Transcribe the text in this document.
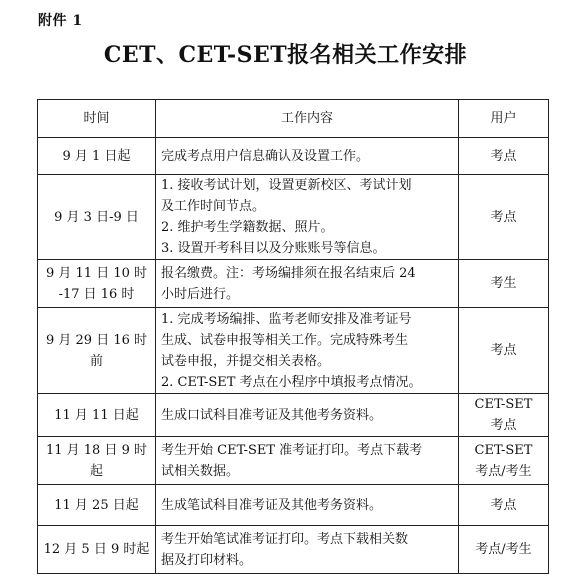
附件 1
CET、CET-SET报名相关工作安排
时间	工作内容	用户

9 月 1 日起	完成考点用户信息确认及设置工作。	考点

9 月 3 日-9 日	1. 接收考试计划，设置更新校区、考试计划
及工作时间节点。
2. 维护考生学籍数据、照片。
3. 设置开考科目以及分账账号等信息。	考点

9 月 11 日 10 时
-17 日 16 时	报名缴费。注：考场编排须在报名结束后 24
小时后进行。	考生

9 月 29 日 16 时前	1. 完成考场编排、监考老师安排及准考证号
生成、试卷申报等相关工作。完成特殊考生
试卷申报，并提交相关表格。
2. CET-SET 考点在小程序中填报考点情况。	考点

11 月 11 日起	生成口试科目准考证及其他考务资料。	CET-SET
考点

11 月 18 日 9 时起	考生开始 CET-SET 准考证打印。考点下载考
试相关数据。	CET-SET
考点/考生

11 月 25 日起	生成笔试科目准考证及其他考务资料。	考点

12 月 5 日 9 时起	考生开始笔试准考证打印。考点下载相关数
据及打印材料。	考点/考生
